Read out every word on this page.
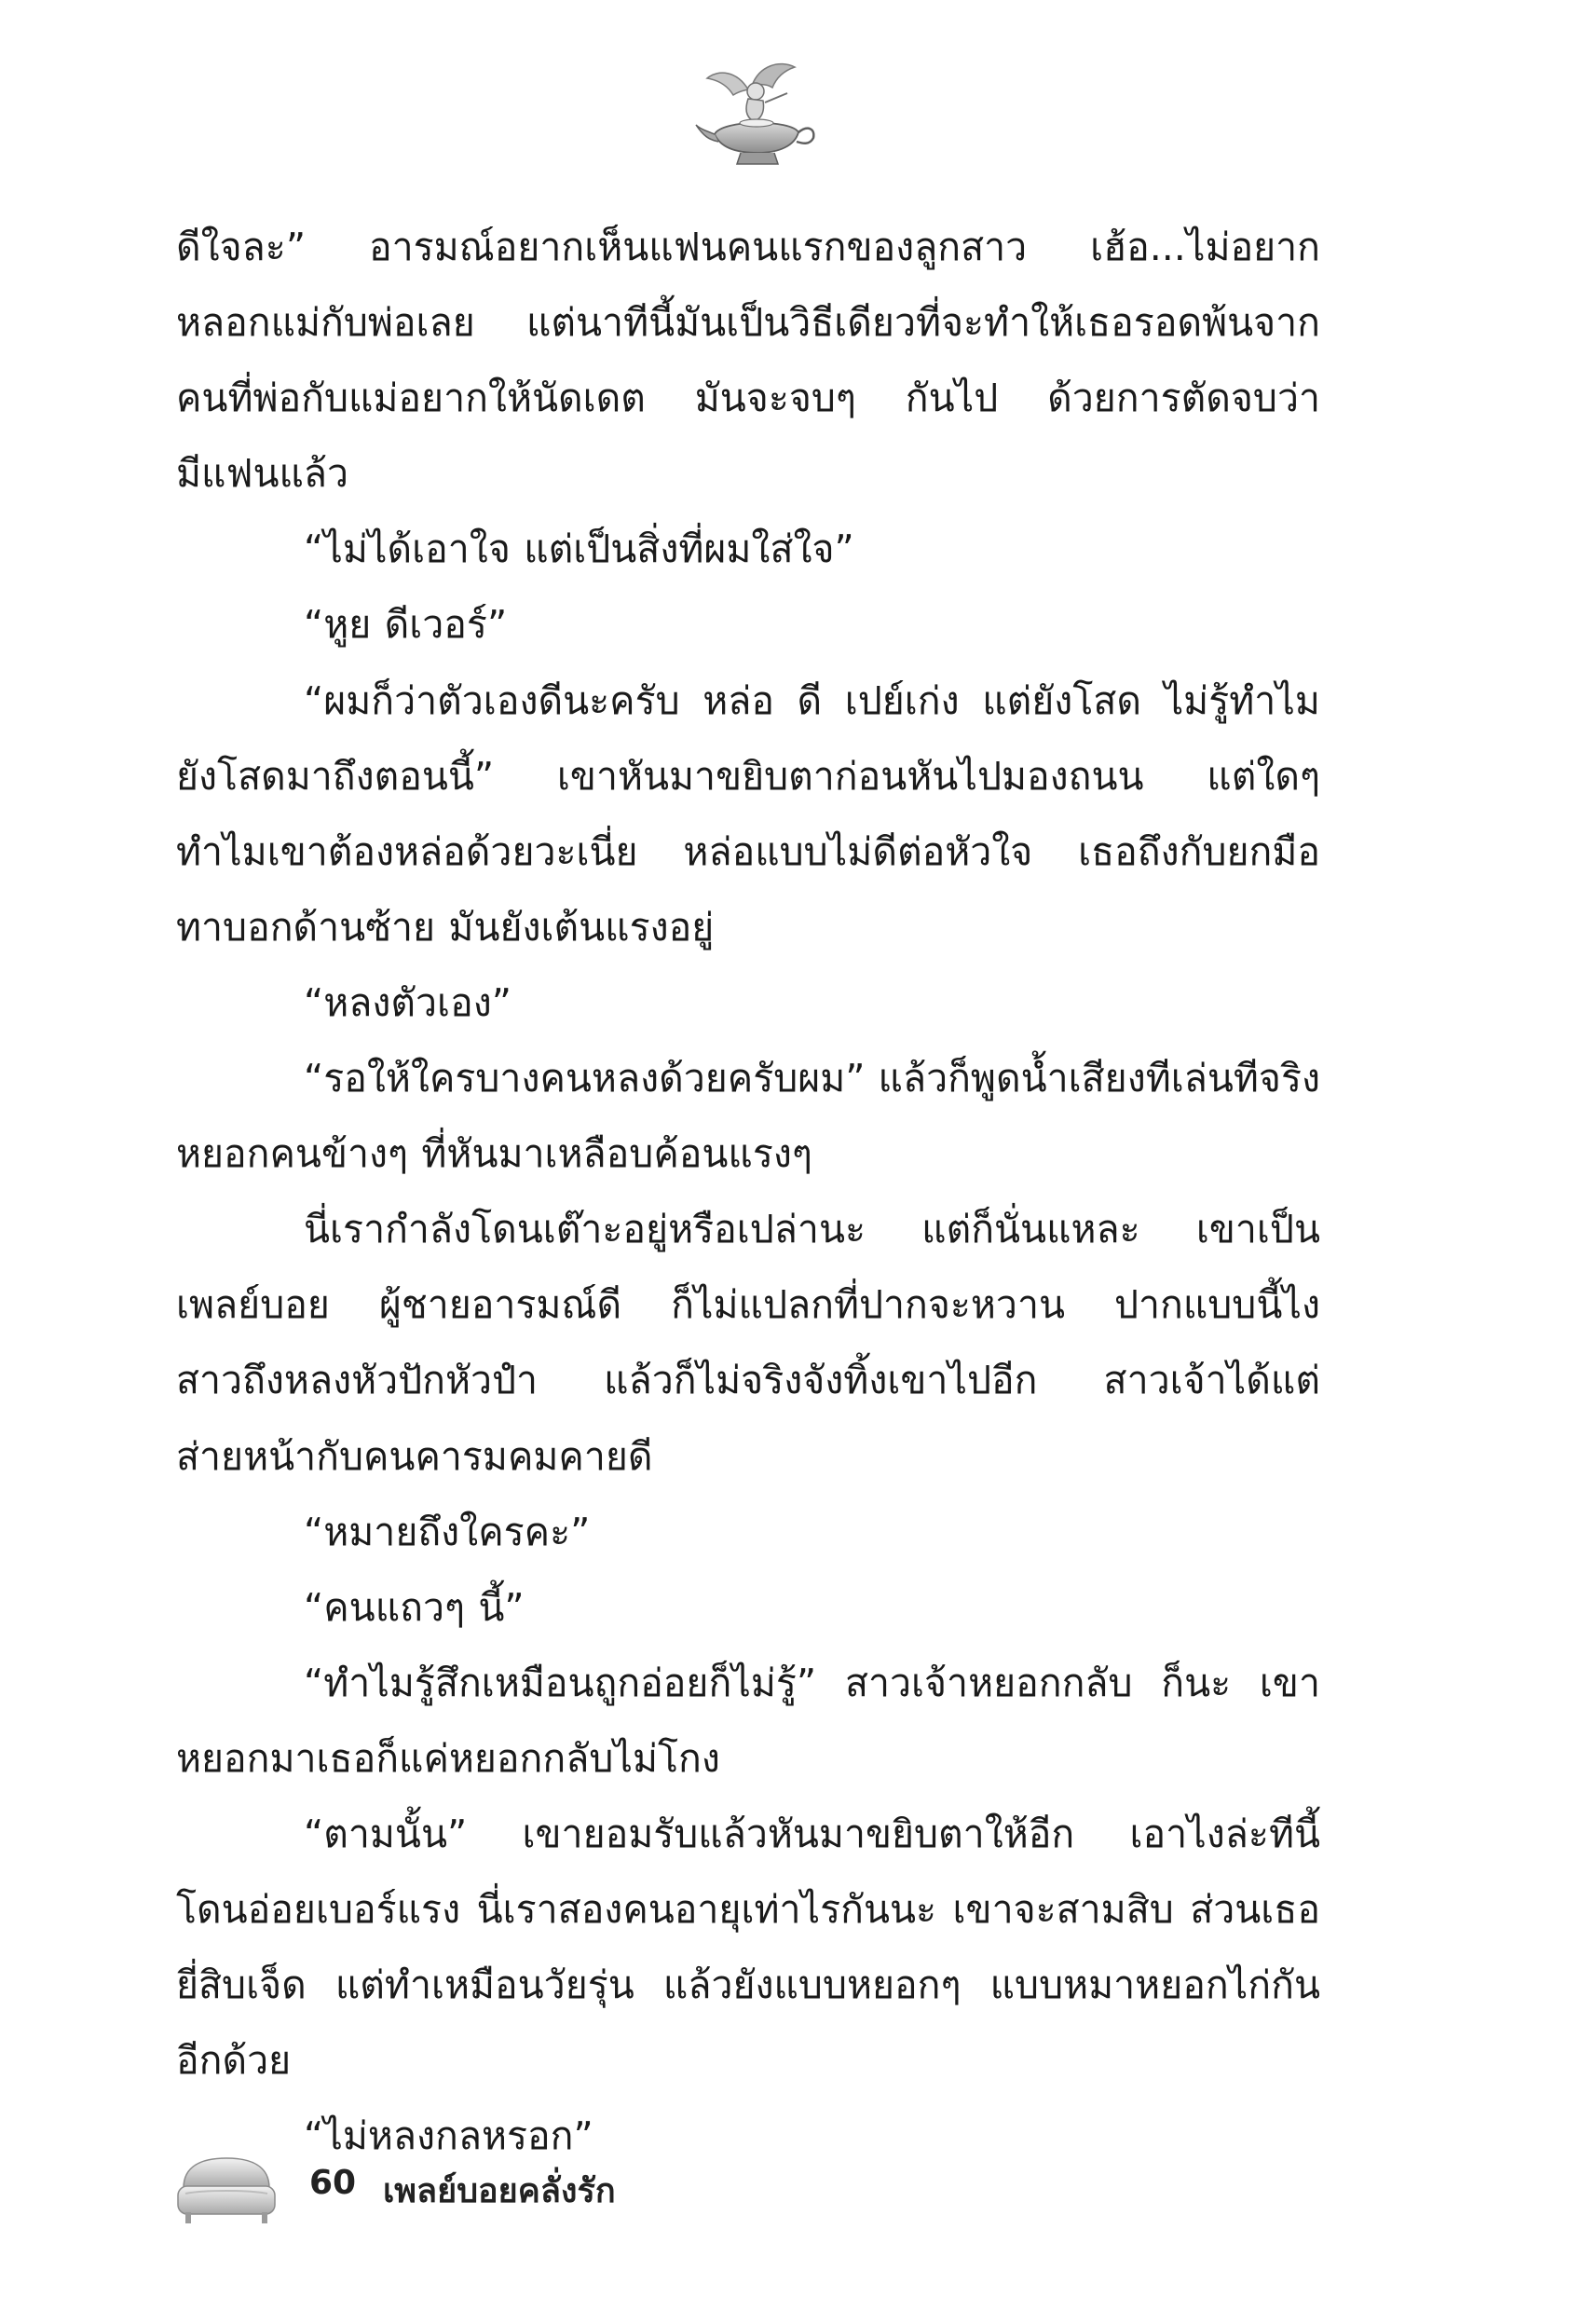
ดีใจละ” อารมณ์อยากเห็นแฟนคนแรกของลูกสาว เฮ้อ...ไม่อยาก
หลอกแม่กับพ่อเลย แต่นาทีนี้มันเป็นวิธีเดียวที่จะทำให้เธอรอดพ้นจาก
คนที่พ่อกับแม่อยากให้นัดเดต มันจะจบๆ กันไป ด้วยการตัดจบว่า
มีแฟนแล้ว
“ไม่ได้เอาใจ แต่เป็นสิ่งที่ผมใส่ใจ”
“หูย ดีเวอร์”
“ผมก็ว่าตัวเองดีนะครับ หล่อ ดี เปย์เก่ง แต่ยังโสด ไม่รู้ทำไม
ยังโสดมาถึงตอนนี้” เขาหันมาขยิบตาก่อนหันไปมองถนน แต่ใดๆ
ทำไมเขาต้องหล่อด้วยวะเนี่ย หล่อแบบไม่ดีต่อหัวใจ เธอถึงกับยกมือ
ทาบอกด้านซ้าย มันยังเต้นแรงอยู่
“หลงตัวเอง”
“รอให้ใครบางคนหลงด้วยครับผม” แล้วก็พูดน้ำเสียงทีเล่นทีจริง
หยอกคนข้างๆ ที่หันมาเหลือบค้อนแรงๆ
นี่เรากำลังโดนเต๊าะอยู่หรือเปล่านะ แต่ก็นั่นแหละ เขาเป็น
เพลย์บอย ผู้ชายอารมณ์ดี ก็ไม่แปลกที่ปากจะหวาน ปากแบบนี้ไง
สาวถึงหลงหัวปักหัวปำ แล้วก็ไม่จริงจังทิ้งเขาไปอีก สาวเจ้าได้แต่
ส่ายหน้ากับคนคารมคมคายดี
“หมายถึงใครคะ”
“คนแถวๆ นี้”
“ทำไมรู้สึกเหมือนถูกอ่อยก็ไม่รู้” สาวเจ้าหยอกกลับ ก็นะ เขา
หยอกมาเธอก็แค่หยอกกลับไม่โกง
“ตามนั้น” เขายอมรับแล้วหันมาขยิบตาให้อีก เอาไงล่ะทีนี้
โดนอ่อยเบอร์แรง นี่เราสองคนอายุเท่าไรกันนะ เขาจะสามสิบ ส่วนเธอ
ยี่สิบเจ็ด แต่ทำเหมือนวัยรุ่น แล้วยังแบบหยอกๆ แบบหมาหยอกไก่กัน
อีกด้วย
“ไม่หลงกลหรอก”
60 เพลย์บอยคลั่งรัก
